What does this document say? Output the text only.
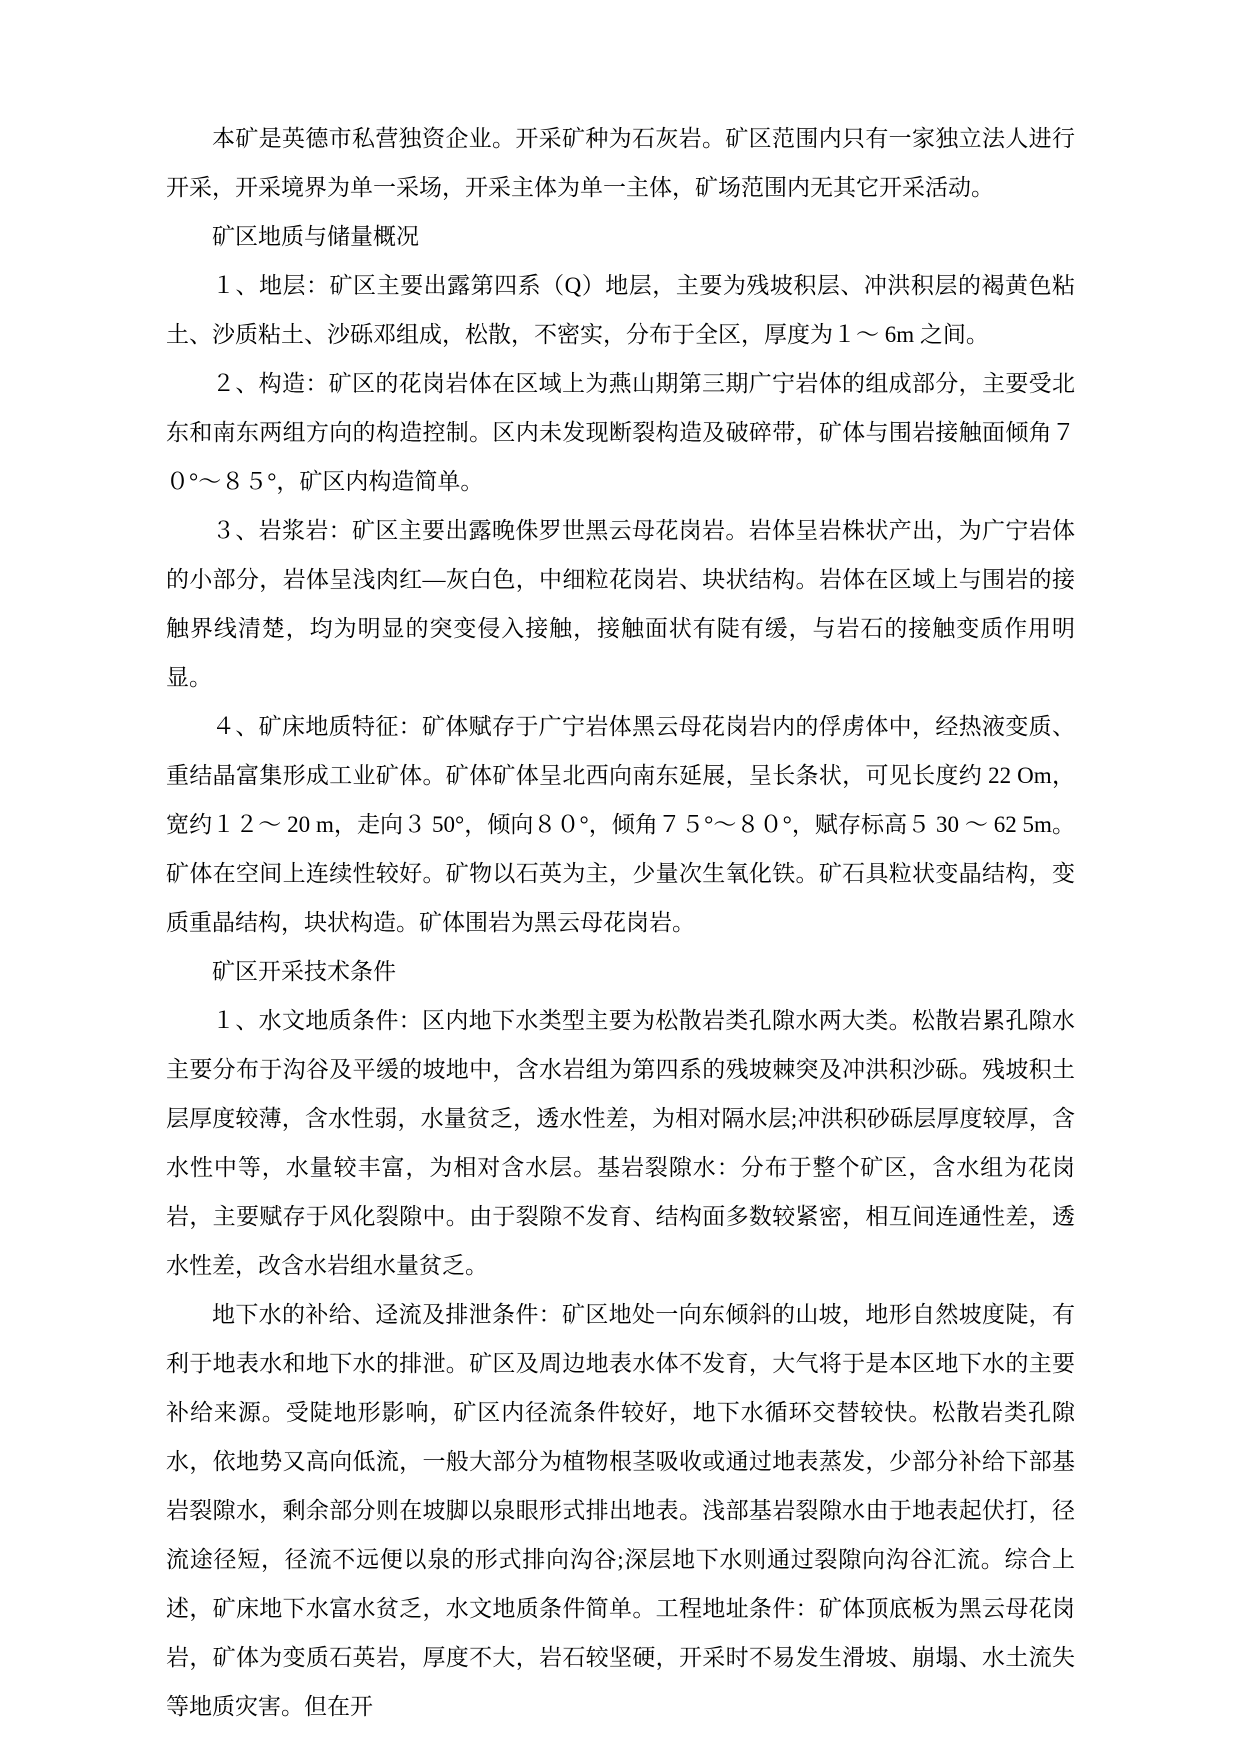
本矿是英德市私营独资企业。开采矿种为石灰岩。矿区范围内只有一家独立法人进行开采，开采境界为单一采场，开采主体为单一主体，矿场范围内无其它开采活动。

矿区地质与储量概况

１、地层：矿区主要出露第四系（Q）地层，主要为残坡积层、冲洪积层的褐黄色粘土、沙质粘土、沙砾邓组成，松散，不密实，分布于全区，厚度为１～ 6m 之间。

２、构造：矿区的花岗岩体在区域上为燕山期第三期广宁岩体的组成部分，主要受北东和南东两组方向的构造控制。区内未发现断裂构造及破碎带，矿体与围岩接触面倾角７０°～８５°，矿区内构造简单。

３、岩浆岩：矿区主要出露晚侏罗世黑云母花岗岩。岩体呈岩株状产出，为广宁岩体的小部分，岩体呈浅肉红—灰白色，中细粒花岗岩、块状结构。岩体在区域上与围岩的接触界线清楚，均为明显的突变侵入接触，接触面状有陡有缓，与岩石的接触变质作用明显。

４、矿床地质特征：矿体赋存于广宁岩体黑云母花岗岩内的俘虏体中，经热液变质、重结晶富集形成工业矿体。矿体矿体呈北西向南东延展，呈长条状，可见长度约 22 Om，宽约１２～ 20 m，走向３ 50°，倾向８０°，倾角７５°～８０°，赋存标高５ 30 ～ 62 5m。矿体在空间上连续性较好。矿物以石英为主，少量次生氧化铁。矿石具粒状变晶结构，变质重晶结构，块状构造。矿体围岩为黑云母花岗岩。

矿区开采技术条件

１、水文地质条件：区内地下水类型主要为松散岩类孔隙水两大类。松散岩累孔隙水主要分布于沟谷及平缓的坡地中，含水岩组为第四系的残坡棘突及冲洪积沙砾。残坡积土层厚度较薄，含水性弱，水量贫乏，透水性差，为相对隔水层;冲洪积砂砾层厚度较厚，含水性中等，水量较丰富，为相对含水层。基岩裂隙水：分布于整个矿区，含水组为花岗岩，主要赋存于风化裂隙中。由于裂隙不发育、结构面多数较紧密，相互间连通性差，透水性差，改含水岩组水量贫乏。

地下水的补给、迳流及排泄条件：矿区地处一向东倾斜的山坡，地形自然坡度陡，有利于地表水和地下水的排泄。矿区及周边地表水体不发育，大气将于是本区地下水的主要补给来源。受陡地形影响，矿区内径流条件较好，地下水循环交替较快。松散岩类孔隙水，依地势又高向低流，一般大部分为植物根茎吸收或通过地表蒸发，少部分补给下部基岩裂隙水，剩余部分则在坡脚以泉眼形式排出地表。浅部基岩裂隙水由于地表起伏打，径流途径短，径流不远便以泉的形式排向沟谷;深层地下水则通过裂隙向沟谷汇流。综合上述，矿床地下水富水贫乏，水文地质条件简单。工程地址条件：矿体顶底板为黑云母花岗岩，矿体为变质石英岩，厚度不大，岩石较坚硬，开采时不易发生滑坡、崩塌、水土流失等地质灾害。但在开
